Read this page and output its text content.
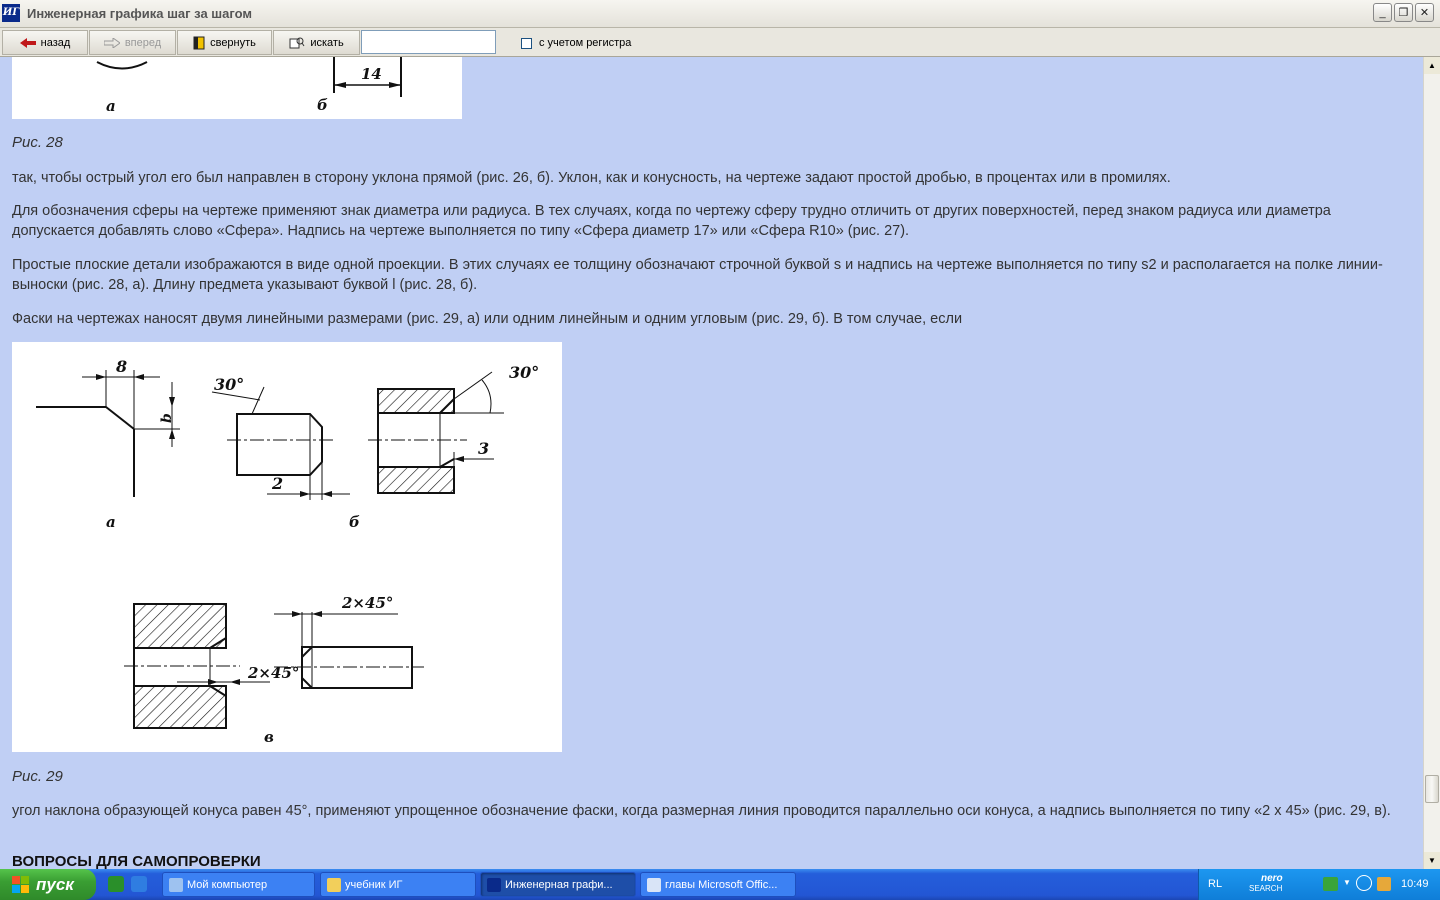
ИГ Инженерная графика шаг за шагом	_	❐	✕
назад	вперед	свернуть	искать	с учетом регистра
14
а	б
Рис. 28
так, чтобы острый угол его был направлен в сторону уклона прямой (рис. 26, б). Уклон, как и конусность, на чертеже задают простой дробью, в процентах или в промилях.
Для обозначения сферы на чертеже применяют знак диаметра или радиуса. В тех случаях, когда по чертежу сферу трудно отличить от других поверхностей, перед знаком радиуса или диаметра допускается добавлять слово «Сфера». Надпись на чертеже выполняется по типу «Сфера диаметр 17» или «Сфера R10» (рис. 27).
Простые плоские детали изображаются в виде одной проекции. В этих случаях ее толщину обозначают строчной буквой s и надпись на чертеже выполняется по типу s2 и располагается на полке линии-выноски (рис. 28, а). Длину предмета указывают буквой l (рис. 28, б).
Фаски на чертежах наносят двумя линейными размерами (рис. 29, а) или одним линейным и одним угловым (рис. 29, б). В том случае, если
8
b
а
30°
2
б
30°
3
2×45°
2×45°
в
Рис. 29
угол наклона образующей конуса равен 45°, применяют упрощенное обозначение фаски, когда размерная линия проводится параллельно оси конуса, а надпись выполняется по типу «2 х 45» (рис. 29, в).
ВОПРОСЫ ДЛЯ САМОПРОВЕРКИ
▲
▼
пуск	Мой компьютер	учебник ИГ	Инженерная графи...	главы Microsoft Offic...	RL	nero
SEARCH
▼	10:49
